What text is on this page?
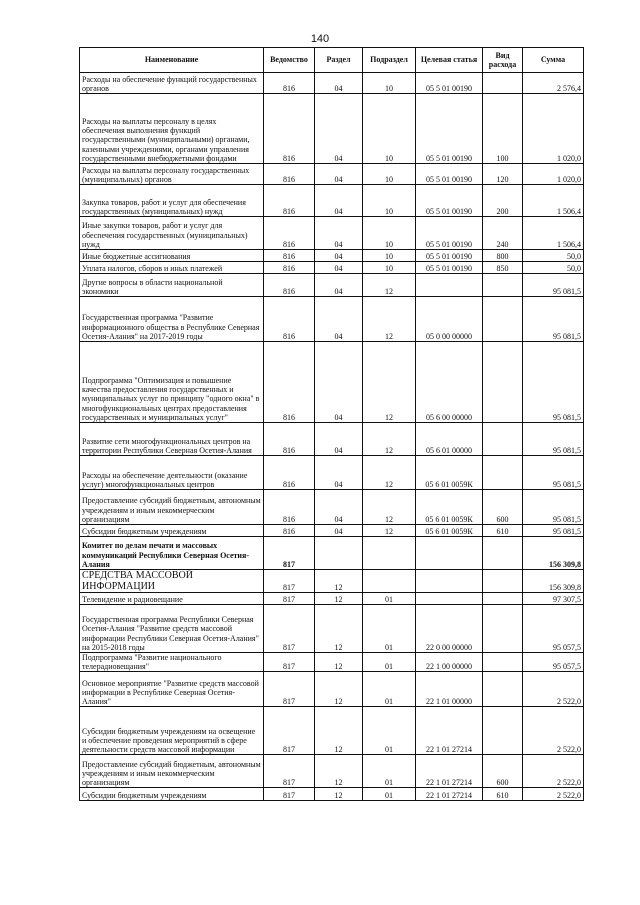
140
Наименование	Ведомство	Раздел	Подраздел	Целевая статья	Вид расхода	Сумма
Расходы на обеспечение функций государственных органов	816	04	10	05 5 01 00190		2 576,4
Расходы на выплаты персоналу в целях обеспечения выполнения функций государственными (муниципальными) органами, казенными учреждениями, органами управления государственными внебюджетными фондами	816	04	10	05 5 01 00190	100	1 020,0
Расходы на выплаты персоналу государственных (муниципальных) органов	816	04	10	05 5 01 00190	120	1 020,0
Закупка товаров, работ и услуг для обеспечения государственных (муниципальных) нужд	816	04	10	05 5 01 00190	200	1 506,4
Иные закупки товаров, работ и услуг для обеспечения государственных (муниципальных) нужд	816	04	10	05 5 01 00190	240	1 506,4
Иные бюджетные ассигнования	816	04	10	05 5 01 00190	800	50,0
Уплата налогов, сборов и иных платежей	816	04	10	05 5 01 00190	850	50,0
Другие вопросы в области национальной экономики	816	04	12			95 081,5
Государственная программа "Развитие информационного общества в Республике Северная Осетия-Алания" на 2017-2019 годы	816	04	12	05 0 00 00000		95 081,5
Подпрограмма "Оптимизация и повышение качества предоставления государственных и муниципальных услуг по принципу "одного окна" в многофункциональных центрах предоставления государственных и муниципальных услуг"	816	04	12	05 6 00 00000		95 081,5
Развитие сети многофункциональных центров на территории Республики Северная Осетия-Алания	816	04	12	05 6 01 00000		95 081,5
Расходы на обеспечение деятельности (оказание услуг) многофункциональных центров	816	04	12	05 6 01 0059К		95 081,5
Предоставление субсидий бюджетным, автономным учреждениям и иным некоммерческим организациям	816	04	12	05 6 01 0059К	600	95 081,5
Субсидии бюджетным учреждениям	816	04	12	05 6 01 0059К	610	95 081,5
Комитет по делам печати и массовых коммуникаций Республики Северная Осетия-Алания	817					156 309,8
СРЕДСТВА МАССОВОЙ ИНФОРМАЦИИ	817	12				156 309,8
Телевидение и радиовещание	817	12	01			97 307,5
Государственная программа Республики Северная Осетия-Алания "Развитие средств массовой информации Республики Северная Осетия-Алания" на 2015-2018 годы	817	12	01	22 0 00 00000		95 057,5
Подпрограмма "Развитие национального телерадиовещания"	817	12	01	22 1 00 00000		95 057,5
Основное мероприятие "Развитие средств массовой информации в Республике Северная Осетия-Алания"	817	12	01	22 1 01 00000		2 522,0
Субсидии бюджетным учреждениям на освещение и обеспечение проведения мероприятий в сфере деятельности средств массовой информации	817	12	01	22 1 01 27214		2 522,0
Предоставление субсидий бюджетным, автономным учреждениям и иным некоммерческим организациям	817	12	01	22 1 01 27214	600	2 522,0
Субсидии бюджетным учреждениям	817	12	01	22 1 01 27214	610	2 522,0
